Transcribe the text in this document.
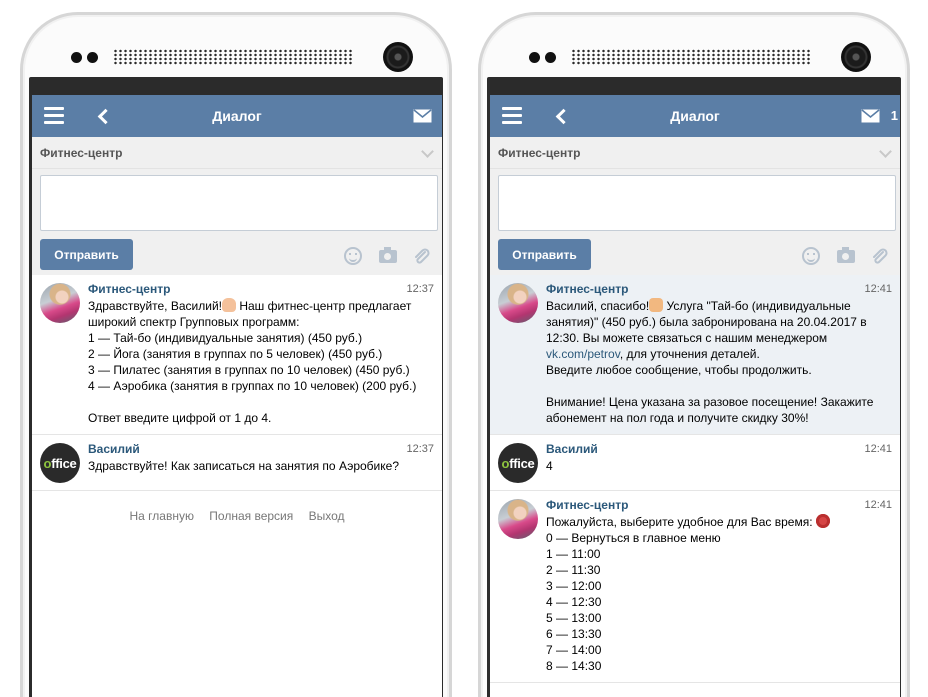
Диалог
Фитнес-центр
Отправить
Фитнес-центр	12:37
Здравствуйте, Василий! Наш фитнес-центр предлагает широкий спектр Групповых программ:
1 — Тай-бо (индивидуальные занятия) (450 руб.)
2 — Йога (занятия в группах по 5 человек) (450 руб.)
3 — Пилатес (занятия в группах по 10 человек) (450 руб.)
4 — Аэробика (занятия в группах по 10 человек) (200 руб.)

Ответ введите цифрой от 1 до 4.
office
Василий	12:37
Здравствуйте! Как записаться на занятия по Аэробике?
На главную Полная версия Выход
Диалог	1
Фитнес-центр
Отправить
Фитнес-центр	12:41
Василий, спасибо! Услуга "Тай-бо (индивидуальные занятия)" (450 руб.) была забронирована на 20.04.2017 в 12:30. Вы можете связаться с нашим менеджером vk.com/petrov, для уточнения деталей.
Введите любое сообщение, чтобы продолжить.

Внимание! Цена указана за разовое посещение! Закажите абонемент на пол года и получите скидку 30%!
office
Василий	12:41
4
Фитнес-центр	12:41
Пожалуйста, выберите удобное для Вас время:
0 — Вернуться в главное меню
1 — 11:00
2 — 11:30
3 — 12:00
4 — 12:30
5 — 13:00
6 — 13:30
7 — 14:00
8 — 14:30
